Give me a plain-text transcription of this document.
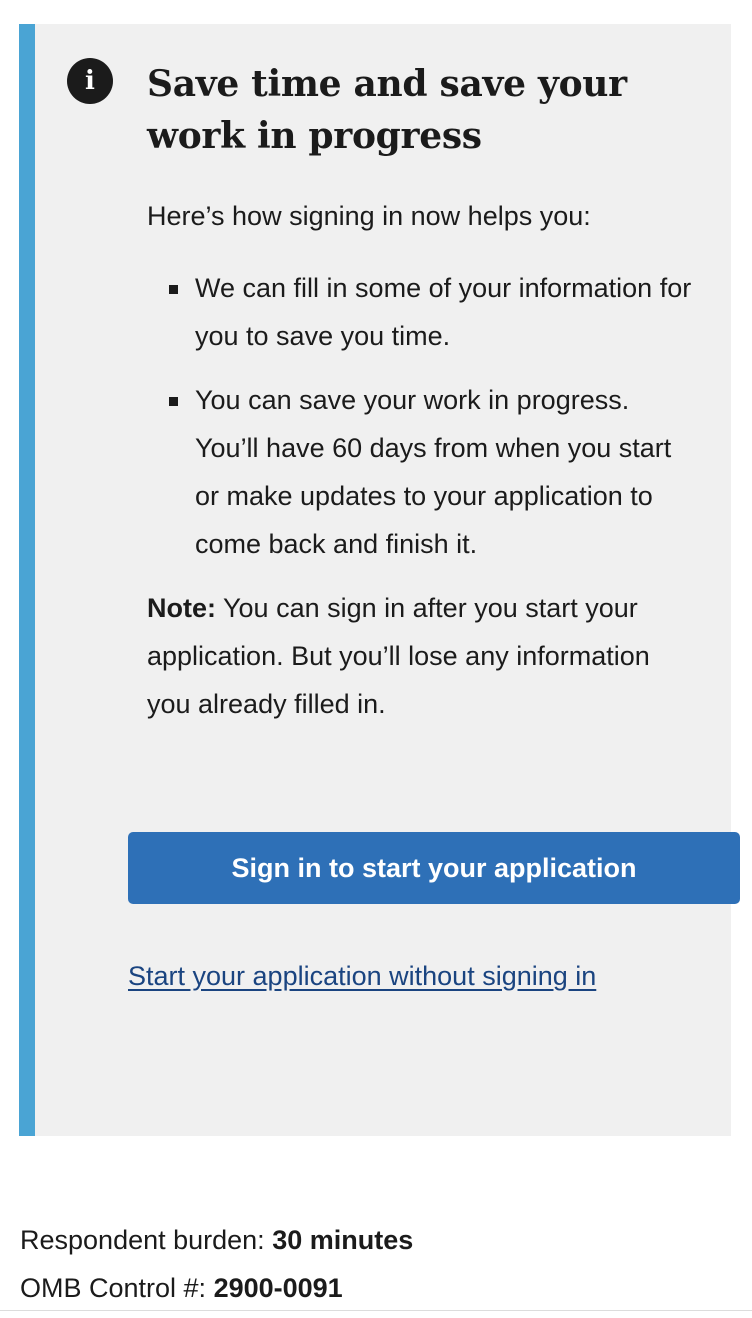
i	Save time and save your work in progress

Here’s how signing in now helps you:

We can fill in some of your information for you to save you time.
You can save your work in progress. You’ll have 60 days from when you start or make updates to your application to come back and finish it.

Note: You can sign in after you start your application. But you’ll lose any information you already filled in.

Sign in to start your application
Start your application without signing in

Respondent burden: 30 minutes

OMB Control #: 2900-0091
